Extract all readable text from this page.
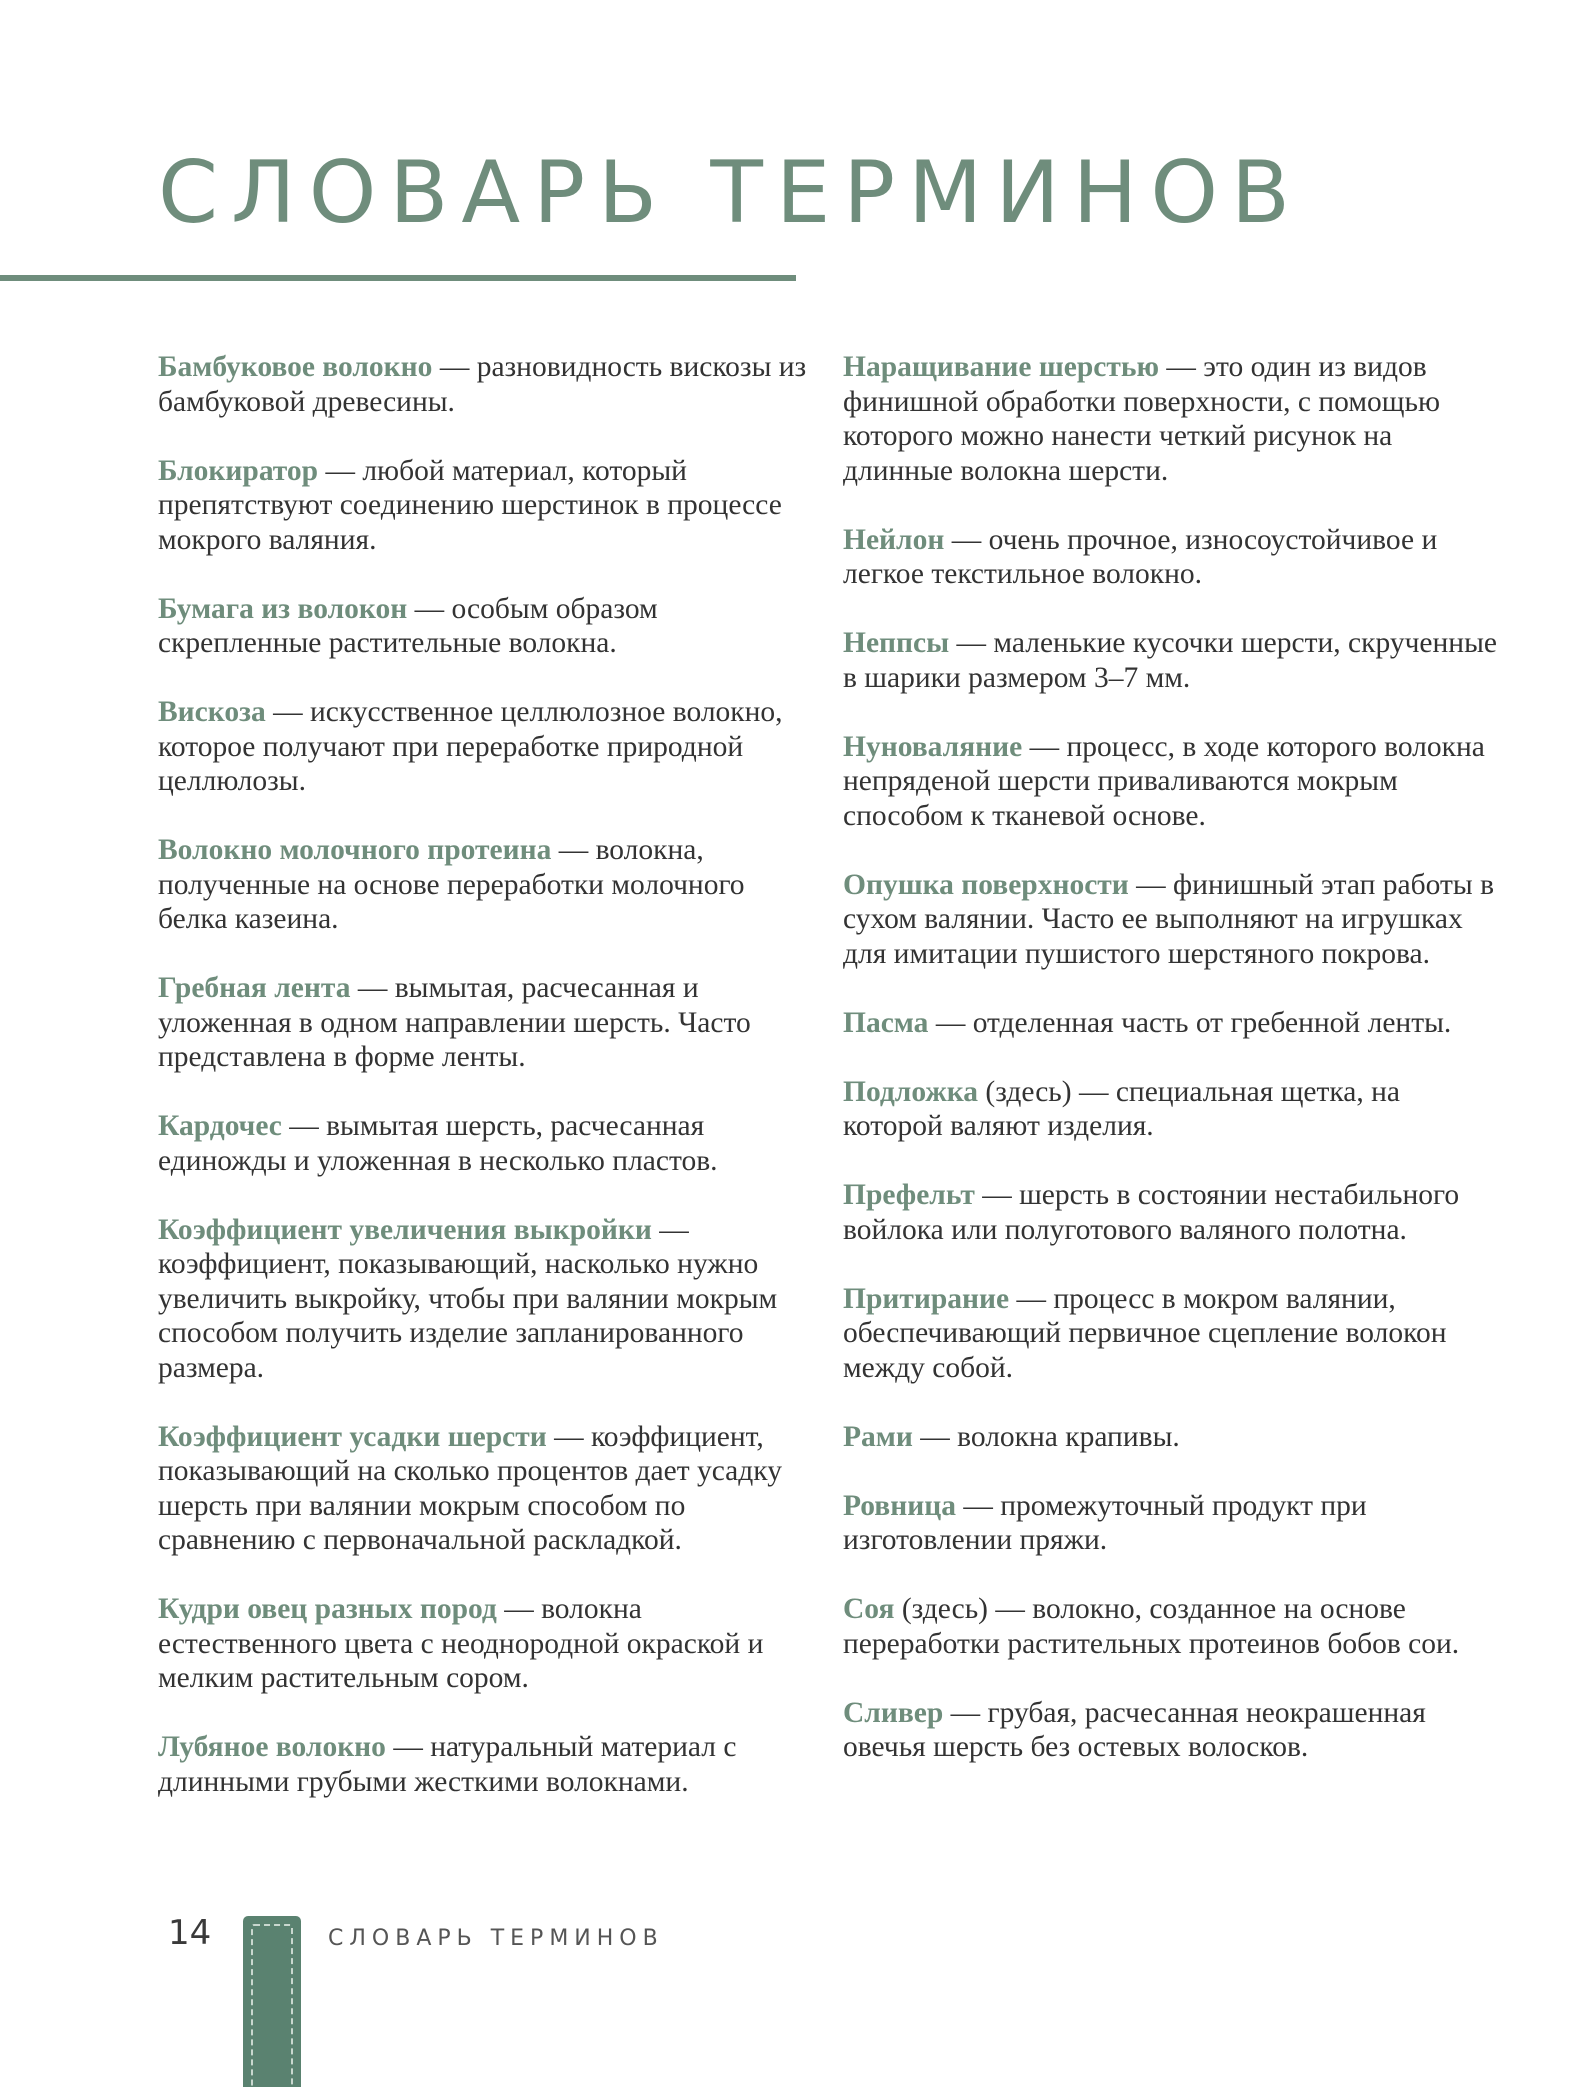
СЛОВАРЬ ТЕРМИНОВ

Бамбуковое волокно — разновидность вискозы из бамбуковой древесины.

Блокиратор — любой материал, который препятствуют соединению шерстинок в процессе мокрого валяния.

Бумага из волокон — особым образом скрепленные растительные волокна.

Вискоза — искусственное целлюлозное волокно, которое получают при переработке природной целлюлозы.

Волокно молочного протеина — волокна, полученные на основе переработки молочного белка казеина.

Гребная лента — вымытая, расчесанная и уложенная в одном направлении шерсть. Часто представлена в форме ленты.

Кардочес — вымытая шерсть, расчесанная единожды и уложенная в несколько пластов.

Коэффициент увеличения выкройки — коэффициент, показывающий, насколько нужно увеличить выкройку, чтобы при валянии мокрым способом получить изделие запланированного размера.

Коэффициент усадки шерсти — коэффициент, показывающий на сколько процентов дает усадку шерсть при валянии мокрым способом по сравнению с первоначальной раскладкой.

Кудри овец разных пород — волокна естественного цвета с неоднородной окраской и мелким растительным сором.

Лубяное волокно — натуральный материал с длинными грубыми жесткими волокнами.

Наращивание шерстью — это один из видов финишной обработки поверхности, с помощью которого можно нанести четкий рисунок на длинные волокна шерсти.

Нейлон — очень прочное, износоустойчивое и легкое текстильное волокно.

Неппсы — маленькие кусочки шерсти, скрученные в шарики размером 3–7 мм.

Нуноваляние — процесс, в ходе которого волокна непряденой шерсти приваливаются мокрым способом к тканевой основе.

Опушка поверхности — финишный этап работы в сухом валянии. Часто ее выполняют на игрушках для имитации пушистого шерстяного покрова.

Пасма — отделенная часть от гребенной ленты.

Подложка (здесь) — специальная щетка, на которой валяют изделия.

Префельт — шерсть в состоянии нестабильного войлока или полуготового валяного полотна.

Притирание — процесс в мокром валянии, обеспечивающий первичное сцепление волокон между собой.

Рами — волокна крапивы.

Ровница — промежуточный продукт при изготовлении пряжи.

Соя (здесь) — волокно, созданное на основе переработки растительных протеинов бобов сои.

Сливер — грубая, расчесанная неокрашенная овечья шерсть без остевых волосков.

14	СЛОВАРЬ ТЕРМИНОВ
